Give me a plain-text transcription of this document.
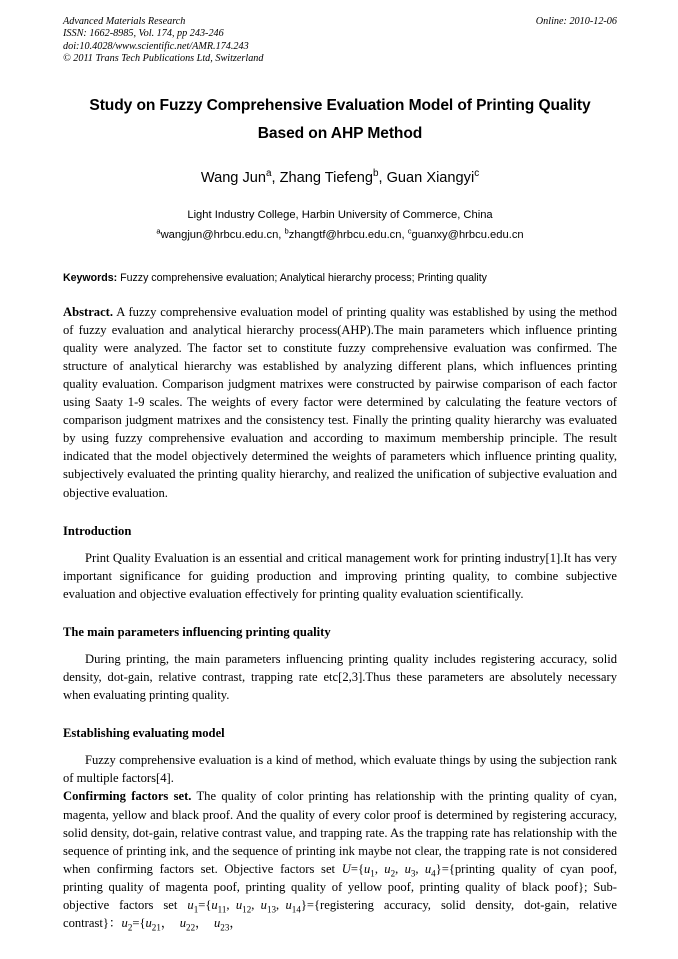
Advanced Materials Research
ISSN: 1662-8985, Vol. 174, pp 243-246
doi:10.4028/www.scientific.net/AMR.174.243
© 2011 Trans Tech Publications Ltd, Switzerland
Online: 2010-12-06
Study on Fuzzy Comprehensive Evaluation Model of Printing Quality
Based on AHP Method
Wang Jun$^a$, Zhang Tiefeng$^b$, Guan Xiangyi$^c$
Light Industry College, Harbin University of Commerce, China
$^a$wangjun@hrbcu.edu.cn, $^b$zhangtf@hrbcu.edu.cn, $^c$guanxy@hrbcu.edu.cn
Keywords: Fuzzy comprehensive evaluation; Analytical hierarchy process; Printing quality
Abstract. A fuzzy comprehensive evaluation model of printing quality was established by using the method of fuzzy evaluation and analytical hierarchy process(AHP).The main parameters which influence printing quality were analyzed. The factor set to constitute fuzzy comprehensive evaluation was confirmed. The structure of analytical hierarchy was established by analyzing different plans, which influences printing quality evaluation. Comparison judgment matrixes were constructed by pairwise comparison of each factor using Saaty 1-9 scales. The weights of every factor were determined by calculating the feature vectors of comparison judgment matrixes and the consistency test. Finally the printing quality hierarchy was evaluated by using fuzzy comprehensive evaluation and according to maximum membership principle. The result indicated that the model objectively determined the weights of parameters which influence printing quality, subjectively evaluated the printing quality hierarchy, and realized the unification of subjective evaluation and objective evaluation.
Introduction
Print Quality Evaluation is an essential and critical management work for printing industry[1].It has very important significance for guiding production and improving printing quality, to combine subjective evaluation and objective evaluation effectively for printing quality evaluation scientifically.
The main parameters influencing printing quality
During printing, the main parameters influencing printing quality includes registering accuracy, solid density, dot-gain, relative contrast, trapping rate etc[2,3].Thus these parameters are absolutely necessary when evaluating printing quality.
Establishing evaluating model
Fuzzy comprehensive evaluation is a kind of method, which evaluate things by using the subjection rank of multiple factors[4].
Confirming factors set. The quality of color printing has relationship with the printing quality of cyan, magenta, yellow and black proof. And the quality of every color proof is determined by registering accuracy, solid density, dot-gain, relative contrast value, and trapping rate. As the trapping rate has relationship with the sequence of printing ink, and the sequence of printing ink maybe not clear, the trapping rate is not considered when confirming factors set. Objective factors set $U=\{u_1$, $u_2$, $u_3$, $u_4\}=\{printing$ quality of cyan poof, printing quality of magenta poof, printing quality of yellow poof, printing quality of black poof}; Sub-objective factors set $u_1=\{u_{11}$, $u_{12}$, $u_{13}$, $u_{14}\}=\{registering$ accuracy, solid density, dot-gain, relative contrast}：$u_2=\{u_{21}$， $u_{22}$， $u_{23}$，
